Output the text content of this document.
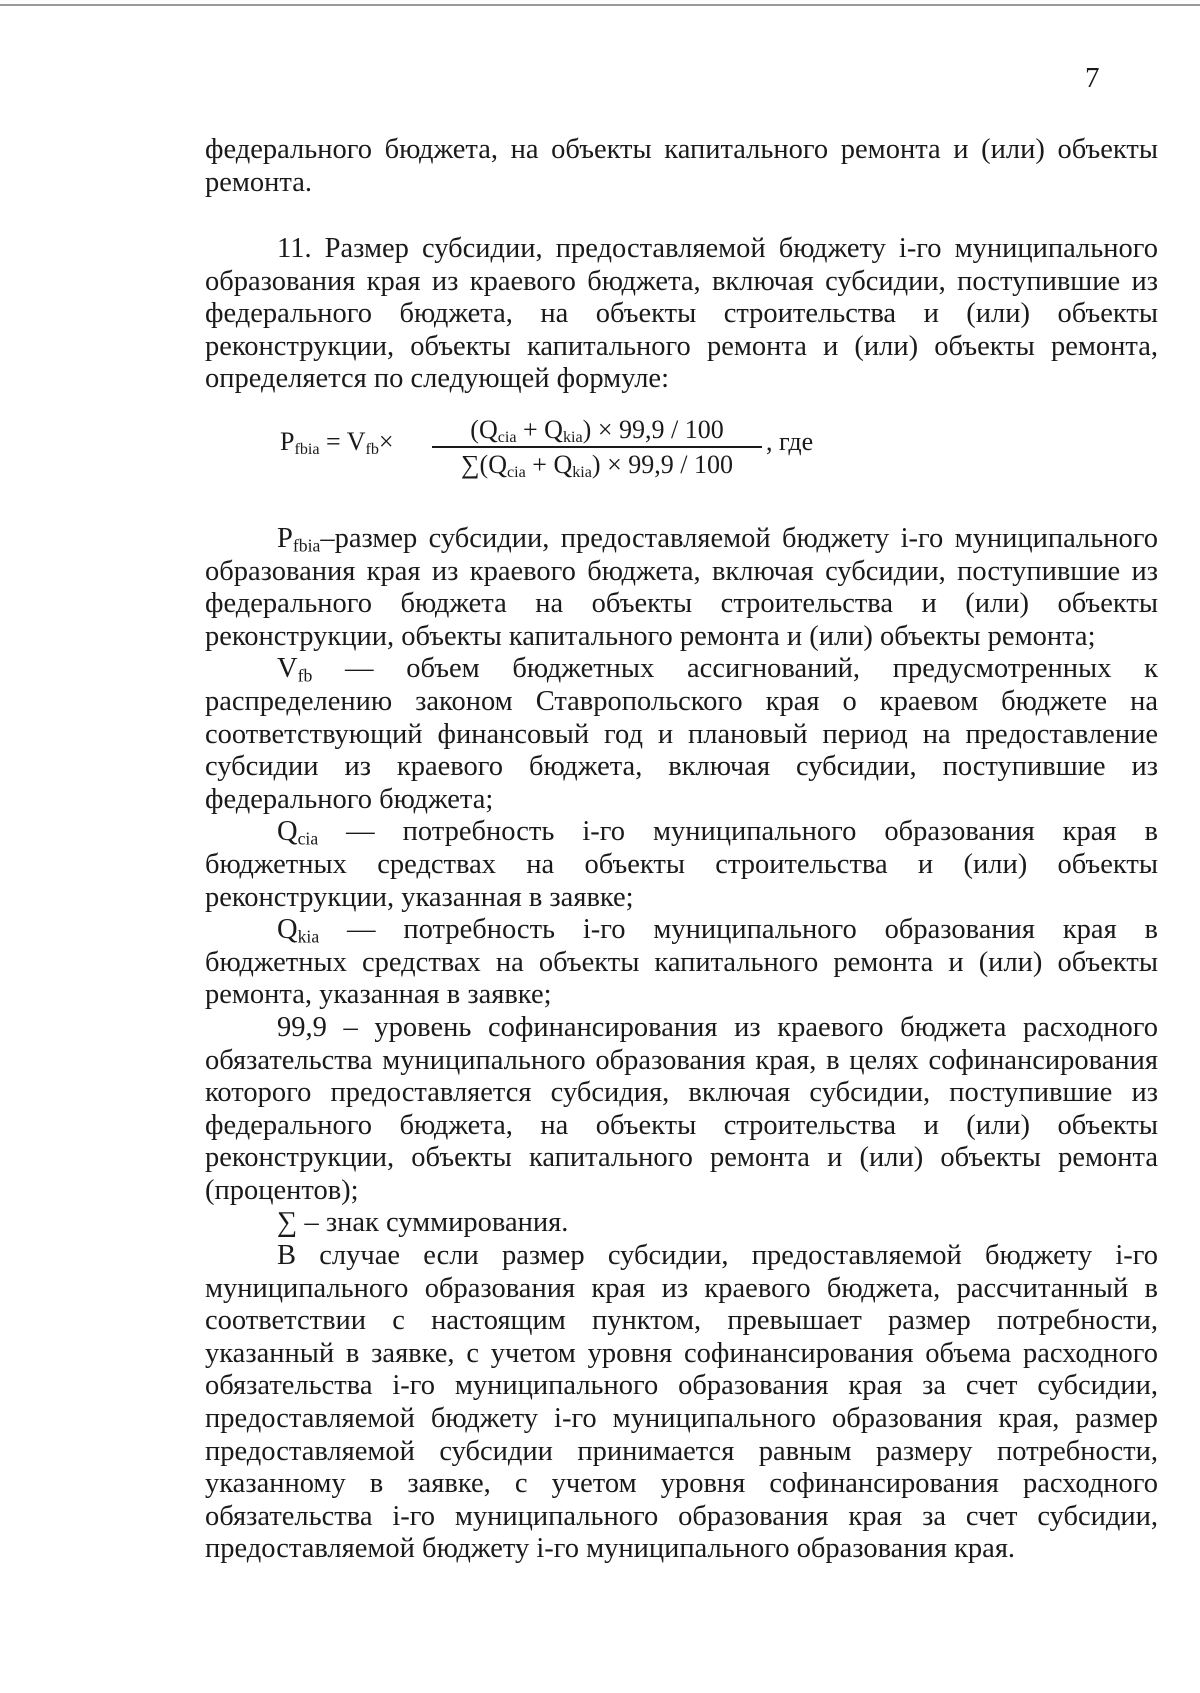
7

федерального бюджета, на объекты капитального ремонта и (или) объекты ремонта.

11. Размер субсидии, предоставляемой бюджету i-го муниципального образования края из краевого бюджета, включая субсидии, поступившие из федерального бюджета, на объекты строительства и (или) объекты реконструкции, объекты капитального ремонта и (или) объекты ремонта, определяется по следующей формуле:

$P_{fbia} = V_{fb}\times$	$(Q_{cia} + Q_{kia}) \times 99,9 / 100$
$\sum(Q_{cia} + Q_{kia}) \times 99,9 / 100$
, где

$P_{fbia}$–размер субсидии, предоставляемой бюджету i-го муниципального образования края из краевого бюджета, включая субсидии, поступившие из федерального бюджета на объекты строительства и (или) объекты реконструкции, объекты капитального ремонта и (или) объекты ремонта;

$V_{fb}$ — объем бюджетных ассигнований, предусмотренных к распределению законом Ставропольского края о краевом бюджете на соответствующий финансовый год и плановый период на предоставление субсидии из краевого бюджета, включая субсидии, поступившие из федерального бюджета;

$Q_{cia}$ — потребность i-го муниципального образования края в бюджетных средствах на объекты строительства и (или) объекты реконструкции, указанная в заявке;

$Q_{kia}$ — потребность i-го муниципального образования края в бюджетных средствах на объекты капитального ремонта и (или) объекты ремонта, указанная в заявке;

99,9 – уровень софинансирования из краевого бюджета расходного обязательства муниципального образования края, в целях софинансирования которого предоставляется субсидия, включая субсидии, поступившие из федерального бюджета, на объекты строительства и (или) объекты реконструкции, объекты капитального ремонта и (или) объекты ремонта (процентов);

∑ – знак суммирования.

В случае если размер субсидии, предоставляемой бюджету i-го муниципального образования края из краевого бюджета, рассчитанный в соответствии с настоящим пунктом, превышает размер потребности, указанный в заявке, с учетом уровня софинансирования объема расходного обязательства i-го муниципального образования края за счет субсидии, предоставляемой бюджету i-го муниципального образования края, размер предоставляемой субсидии принимается равным размеру потребности, указанному в заявке, с учетом уровня софинансирования расходного обязательства i-го муниципального образования края за счет субсидии, предоставляемой бюджету i-го муниципального образования края.
